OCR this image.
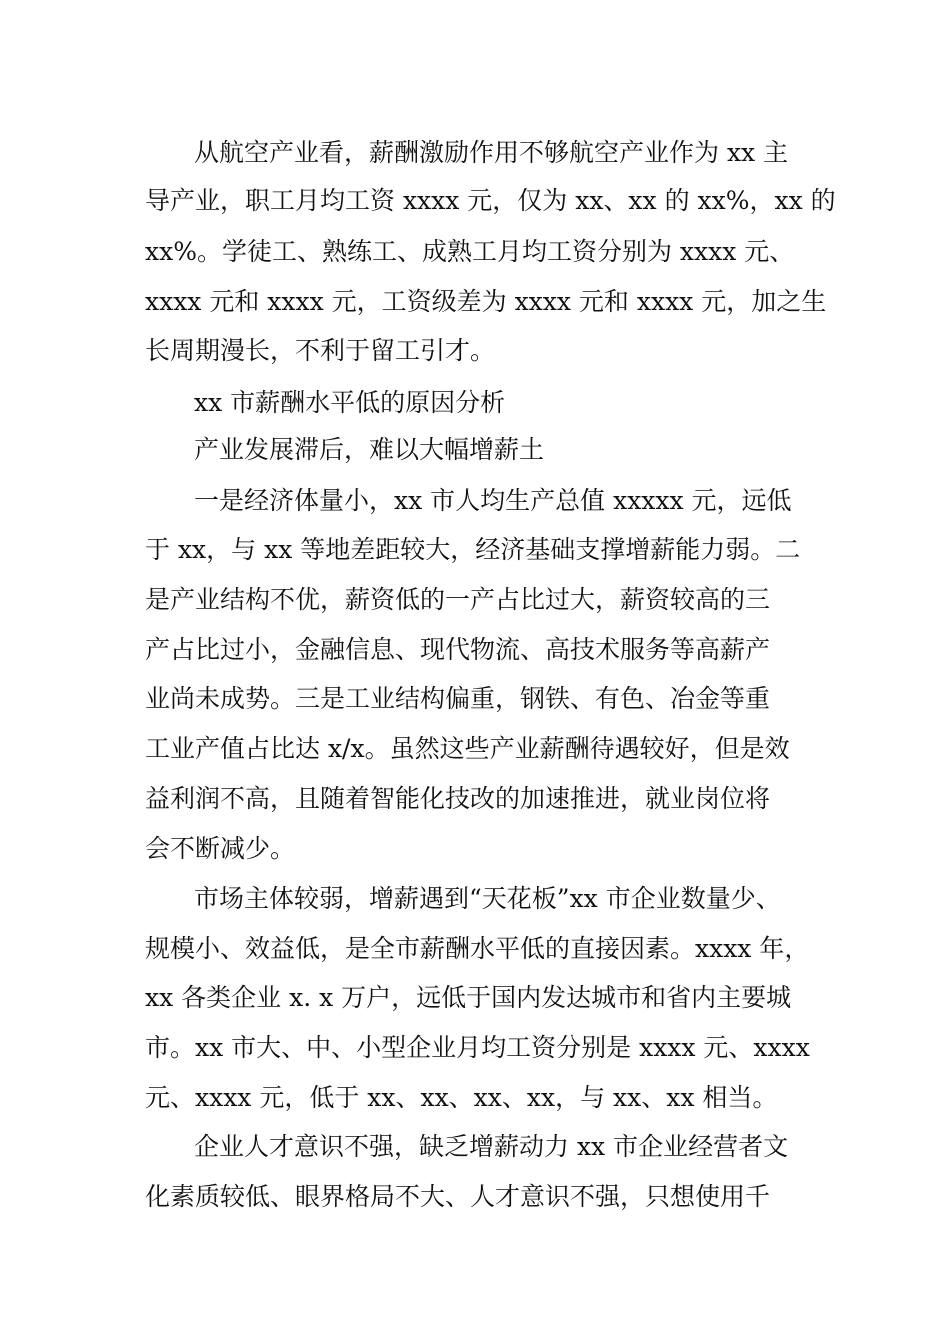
从航空产业看，薪酬激励作用不够航空产业作为 xx 主
导产业，职工月均工资 xxxx 元，仅为 xx、xx 的 xx%，xx 的
xx%。学徒工、熟练工、成熟工月均工资分别为 xxxx 元、
xxxx 元和 xxxx 元，工资级差为 xxxx 元和 xxxx 元，加之生
长周期漫长，不利于留工引才。
xx 市薪酬水平低的原因分析
产业发展滞后，难以大幅增薪土
一是经济体量小，xx 市人均生产总值 xxxxx 元，远低
于 xx，与 xx 等地差距较大，经济基础支撑增薪能力弱。二
是产业结构不优，薪资低的一产占比过大，薪资较高的三
产占比过小，金融信息、现代物流、高技术服务等高薪产
业尚未成势。三是工业结构偏重，钢铁、有色、冶金等重
工业产值占比达 x/x。虽然这些产业薪酬待遇较好，但是效
益利润不高，且随着智能化技改的加速推进，就业岗位将
会不断减少。
市场主体较弱，增薪遇到“天花板”xx 市企业数量少、
规模小、效益低，是全市薪酬水平低的直接因素。xxxx 年，
xx 各类企业 x. x 万户，远低于国内发达城市和省内主要城
市。xx 市大、中、小型企业月均工资分别是 xxxx 元、xxxx
元、xxxx 元，低于 xx、xx、xx、xx，与 xx、xx 相当。
企业人才意识不强，缺乏增薪动力 xx 市企业经营者文
化素质较低、眼界格局不大、人才意识不强，只想使用千
